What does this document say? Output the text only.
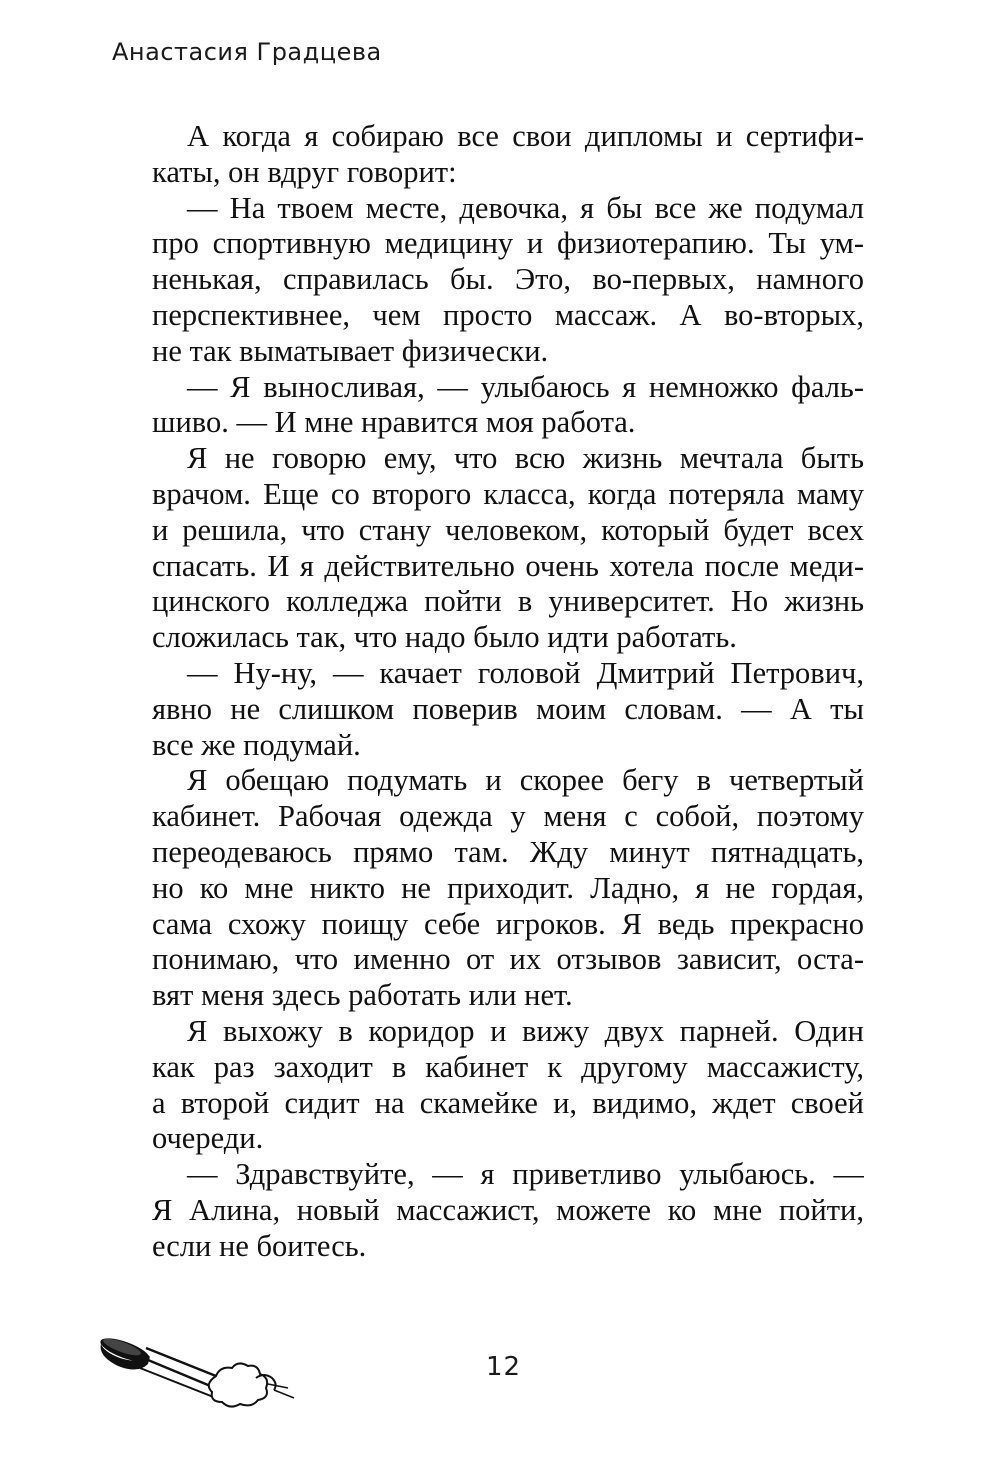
Анастасия Градцева
А когда я собираю все свои дипломы и сертифи-
каты, он вдруг говорит:
— На твоем месте, девочка, я бы все же подумал
про спортивную медицину и физиотерапию. Ты ум-
ненькая, справилась бы. Это, во-первых, намного
перспективнее, чем просто массаж. А во-вторых,
не так выматывает физически.
— Я выносливая, — улыбаюсь я немножко фаль-
шиво. — И мне нравится моя работа.
Я не говорю ему, что всю жизнь мечтала быть
врачом. Еще со второго класса, когда потеряла маму
и решила, что стану человеком, который будет всех
спасать. И я действительно очень хотела после меди-
цинского колледжа пойти в университет. Но жизнь
сложилась так, что надо было идти работать.
— Ну-ну, — качает головой Дмитрий Петрович,
явно не слишком поверив моим словам. — А ты
все же подумай.
Я обещаю подумать и скорее бегу в четвертый
кабинет. Рабочая одежда у меня с собой, поэтому
переодеваюсь прямо там. Жду минут пятнадцать,
но ко мне никто не приходит. Ладно, я не гордая,
сама схожу поищу себе игроков. Я ведь прекрасно
понимаю, что именно от их отзывов зависит, оста-
вят меня здесь работать или нет.
Я выхожу в коридор и вижу двух парней. Один
как раз заходит в кабинет к другому массажисту,
а второй сидит на скамейке и, видимо, ждет своей
очереди.
— Здравствуйте, — я приветливо улыбаюсь. —
Я Алина, новый массажист, можете ко мне пойти,
если не боитесь.
12
